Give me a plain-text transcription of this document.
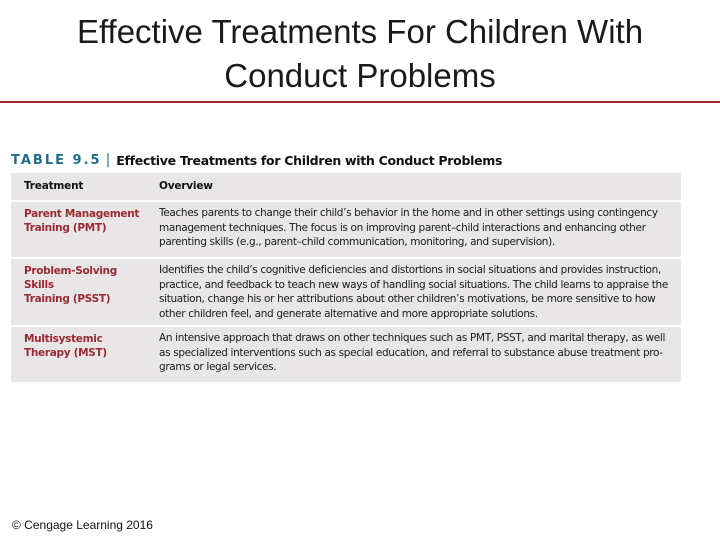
Effective Treatments For Children With
Conduct Problems
TABLE 9.5 | Effective Treatments for Children with Conduct Problems
Treatment	Overview
Parent Management
Training (PMT)
Teaches parents to change their child’s behavior in the home and in other settings using contingency
management techniques. The focus is on improving parent–child interactions and enhancing other
parenting skills (e.g., parent–child communication, monitoring, and supervision).
Problem-Solving Skills
Training (PSST)
Identifies the child’s cognitive deficiencies and distortions in social situations and provides instruction,
practice, and feedback to teach new ways of handling social situations. The child learns to appraise the
situation, change his or her attributions about other children’s motivations, be more sensitive to how
other children feel, and generate alternative and more appropriate solutions.
Multisystemic
Therapy (MST)
An intensive approach that draws on other techniques such as PMT, PSST, and marital therapy, as well
as specialized interventions such as special education, and referral to substance abuse treatment pro-
grams or legal services.
© Cengage Learning 2016
